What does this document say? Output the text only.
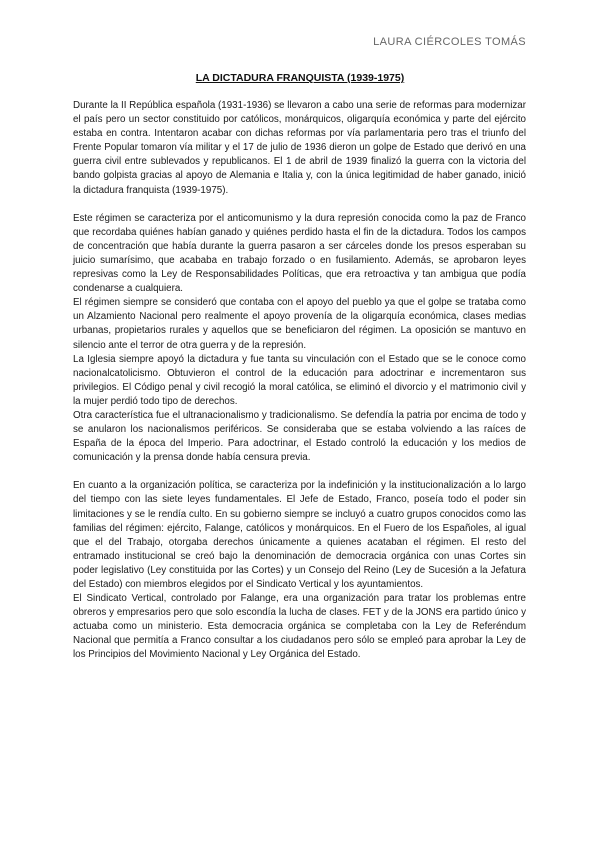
LAURA CIÉRCOLES TOMÁS
LA DICTADURA FRANQUISTA (1939-1975)

Durante la II República española (1931-1936) se llevaron a cabo una serie de reformas para modernizar el país pero un sector constituido por católicos, monárquicos, oligarquía económica y parte del ejército estaba en contra. Intentaron acabar con dichas reformas por vía parlamentaria pero tras el triunfo del Frente Popular tomaron vía militar y el 17 de julio de 1936 dieron un golpe de Estado que derivó en una guerra civil entre sublevados y republicanos. El 1 de abril de 1939 finalizó la guerra con la victoria del bando golpista gracias al apoyo de Alemania e Italia y, con la única legitimidad de haber ganado, inició la dictadura franquista (1939-1975).

Este régimen se caracteriza por el anticomunismo y la dura represión conocida como la paz de Franco que recordaba quiénes habían ganado y quiénes perdido hasta el fin de la dictadura. Todos los campos de concentración que había durante la guerra pasaron a ser cárceles donde los presos esperaban su juicio sumarísimo, que acababa en trabajo forzado o en fusilamiento. Además, se aprobaron leyes represivas como la Ley de Responsabilidades Políticas, que era retroactiva y tan ambigua que podía condenarse a cualquiera.

El régimen siempre se consideró que contaba con el apoyo del pueblo ya que el golpe se trataba como un Alzamiento Nacional pero realmente el apoyo provenía de la oligarquía económica, clases medias urbanas, propietarios rurales y aquellos que se beneficiaron del régimen. La oposición se mantuvo en silencio ante el terror de otra guerra y de la represión.

La Iglesia siempre apoyó la dictadura y fue tanta su vinculación con el Estado que se le conoce como nacionalcatolicismo. Obtuvieron el control de la educación para adoctrinar e incrementaron sus privilegios. El Código penal y civil recogió la moral católica, se eliminó el divorcio y el matrimonio civil y la mujer perdió todo tipo de derechos.

Otra característica fue el ultranacionalismo y tradicionalismo. Se defendía la patria por encima de todo y se anularon los nacionalismos periféricos. Se consideraba que se estaba volviendo a las raíces de España de la época del Imperio. Para adoctrinar, el Estado controló la educación y los medios de comunicación y la prensa donde había censura previa.

En cuanto a la organización política, se caracteriza por la indefinición y la institucionalización a lo largo del tiempo con las siete leyes fundamentales. El Jefe de Estado, Franco, poseía todo el poder sin limitaciones y se le rendía culto. En su gobierno siempre se incluyó a cuatro grupos conocidos como las familias del régimen: ejército, Falange, católicos y monárquicos. En el Fuero de los Españoles, al igual que el del Trabajo, otorgaba derechos únicamente a quienes acataban el régimen. El resto del entramado institucional se creó bajo la denominación de democracia orgánica con unas Cortes sin poder legislativo (Ley constituida por las Cortes) y un Consejo del Reino (Ley de Sucesión a la Jefatura del Estado) con miembros elegidos por el Sindicato Vertical y los ayuntamientos.

El Sindicato Vertical, controlado por Falange, era una organización para tratar los problemas entre obreros y empresarios pero que solo escondía la lucha de clases. FET y de la JONS era partido único y actuaba como un ministerio. Esta democracia orgánica se completaba con la Ley de Referéndum Nacional que permitía a Franco consultar a los ciudadanos pero sólo se empleó para aprobar la Ley de los Principios del Movimiento Nacional y Ley Orgánica del Estado.
